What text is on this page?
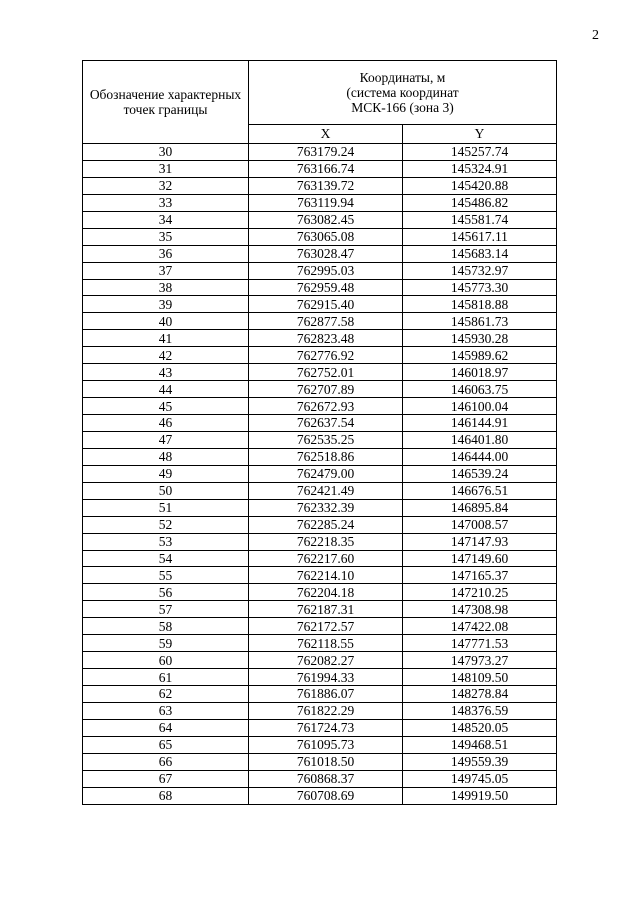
2
Обозначение характерных точек границы	Координаты, м
(система координат
МСК-166 (зона 3)	

	X	Y
30	763179.24	145257.74
31	763166.74	145324.91
32	763139.72	145420.88
33	763119.94	145486.82
34	763082.45	145581.74
35	763065.08	145617.11
36	763028.47	145683.14
37	762995.03	145732.97
38	762959.48	145773.30
39	762915.40	145818.88
40	762877.58	145861.73
41	762823.48	145930.28
42	762776.92	145989.62
43	762752.01	146018.97
44	762707.89	146063.75
45	762672.93	146100.04
46	762637.54	146144.91
47	762535.25	146401.80
48	762518.86	146444.00
49	762479.00	146539.24
50	762421.49	146676.51
51	762332.39	146895.84
52	762285.24	147008.57
53	762218.35	147147.93
54	762217.60	147149.60
55	762214.10	147165.37
56	762204.18	147210.25
57	762187.31	147308.98
58	762172.57	147422.08
59	762118.55	147771.53
60	762082.27	147973.27
61	761994.33	148109.50
62	761886.07	148278.84
63	761822.29	148376.59
64	761724.73	148520.05
65	761095.73	149468.51
66	761018.50	149559.39
67	760868.37	149745.05
68	760708.69	149919.50
